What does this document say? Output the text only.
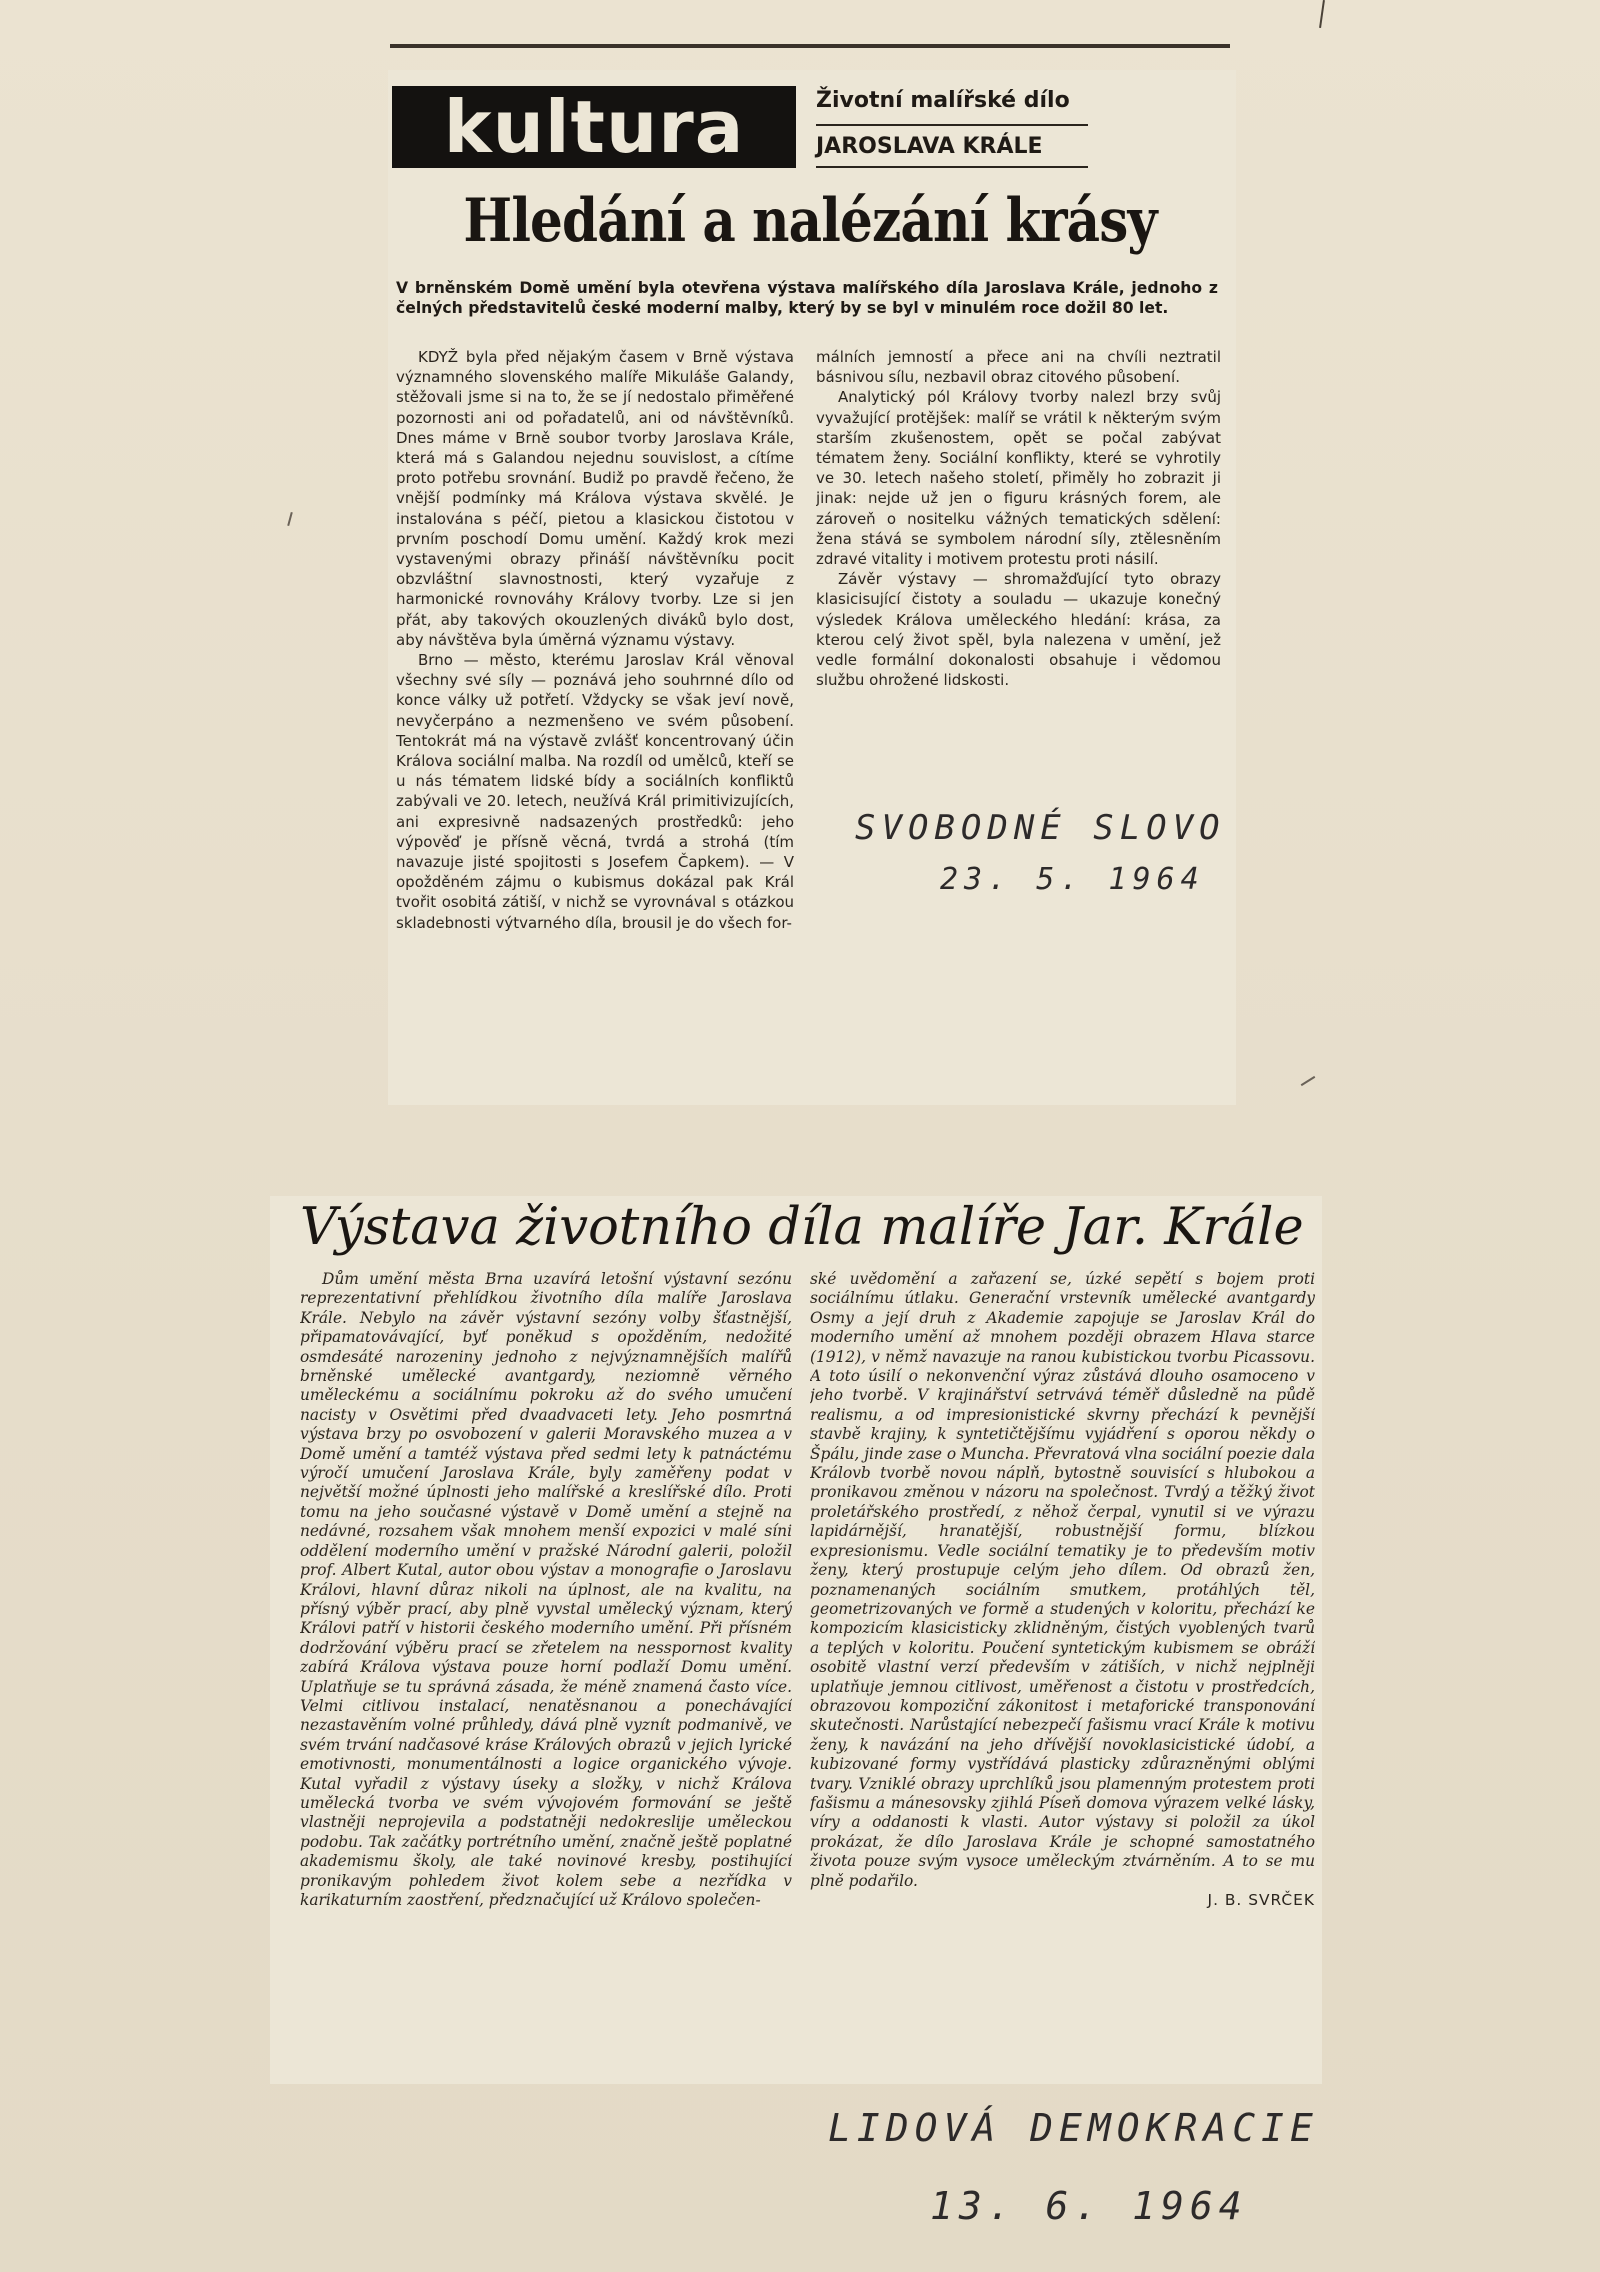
kultura	Životní malířské dílo
JAROSLAVA KRÁLE
Hledání a nalézání krásy
V brněnském Domě umění byla otevřena výstava malířského díla Jaroslava Krále, jednoho z čelných představitelů české moderní malby, který by se byl v minulém roce dožil 80 let.

KDYŽ byla před nějakým časem v Brně výstava významného slovenského malíře Mikuláše Galandy, stěžovali jsme si na to, že se jí nedostalo přiměřené pozornosti ani od pořadatelů, ani od návštěvníků. Dnes máme v Brně soubor tvorby Jaroslava Krále, která má s Galandou nejednu souvislost, a cítíme proto potřebu srovnání. Budiž po pravdě řečeno, že vnější podmínky má Králova výstava skvělé. Je instalována s péčí, pietou a klasickou čistotou v prvním poschodí Domu umění. Každý krok mezi vystavenými obrazy přináší návštěvníku pocit obzvláštní slavnostnosti, který vyzařuje z harmonické rovnováhy Královy tvorby. Lze si jen přát, aby takových okouzlených diváků bylo dost, aby návštěva byla úměrná významu výstavy.

Brno — město, kterému Jaroslav Král věnoval všechny své síly — poznává jeho souhrnné dílo od konce války už potřetí. Vždycky se však jeví nově, nevyčerpáno a nezmenšeno ve svém působení. Tentokrát má na výstavě zvlášť koncentrovaný účin Králova sociální malba. Na rozdíl od umělců, kteří se u nás tématem lidské bídy a sociálních konfliktů zabývali ve 20. letech, neužívá Král primitivizujících, ani expresivně nadsazených prostředků: jeho výpověď je přísně věcná, tvrdá a strohá (tím navazuje jisté spojitosti s Josefem Čapkem). — V opožděném zájmu o kubismus dokázal pak Král tvořit osobitá zátiší, v nichž se vyrovnával s otázkou skladebnosti výtvarného díla, brousil je do všech for-

málních jemností a přece ani na chvíli neztratil básnivou sílu, nezbavil obraz citového působení.

Analytický pól Královy tvorby nalezl brzy svůj vyvažující protějšek: malíř se vrátil k některým svým starším zkušenostem, opět se počal zabývat tématem ženy. Sociální konflikty, které se vyhrotily ve 30. letech našeho století, přiměly ho zobrazit ji jinak: nejde už jen o figuru krásných forem, ale zároveň o nositelku vážných tematických sdělení: žena stává se symbolem národní síly, ztělesněním zdravé vitality i motivem protestu proti násilí.

Závěr výstavy — shromažďující tyto obrazy klasicisující čistoty a souladu — ukazuje konečný výsledek Králova uměleckého hledání: krása, za kterou celý život spěl, byla nalezena v umění, jež vedle formální dokonalosti obsahuje i vědomou službu ohrožené lidskosti.

SVOBODNÉ SLOVO
23. 5. 1964
Výstava životního díla malíře Jar. Krále

Dům umění města Brna uzavírá letošní výstavní sezónu reprezentativní přehlídkou životního díla malíře Jaroslava Krále. Nebylo na závěr výstavní sezóny volby šťastnější, připamatovávající, byť poněkud s opožděním, nedožité osmdesáté narozeniny jednoho z nejvýznamnějších malířů brněnské umělecké avantgardy, neziomně věrného uměleckému a sociálnímu pokroku až do svého umučení nacisty v Osvětimi před dvaadvaceti lety. Jeho posmrtná výstava brzy po osvobození v galerii Moravského muzea a v Domě umění a tamtéž výstava před sedmi lety k patnáctému výročí umučení Jaroslava Krále, byly zaměřeny podat v největší možné úplnosti jeho malířské a kreslířské dílo. Proti tomu na jeho současné výstavě v Domě umění a stejně na nedávné, rozsahem však mnohem menší expozici v malé síni oddělení moderního umění v pražské Národní galerii, položil prof. Albert Kutal, autor obou výstav a monografie o Jaroslavu Královi, hlavní důraz nikoli na úplnost, ale na kvalitu, na přísný výběr prací, aby plně vyvstal umělecký význam, který Královi patří v historii českého moderního umění. Při přísném dodržování výběru prací se zřetelem na nesspornost kvality zabírá Králova výstava pouze horní podlaží Domu umění. Uplatňuje se tu správná zásada, že méně znamená často více. Velmi citlivou instalací, nenatěsnanou a ponechávající nezastavěním volné průhledy, dává plně vyznít podmanivě, ve svém trvání nadčasové kráse Králových obrazů v jejich lyrické emotivnosti, monumentálnosti a logice organického vývoje. Kutal vyřadil z výstavy úseky a složky, v nichž Králova umělecká tvorba ve svém vývojovém formování se ještě vlastněji neprojevila a podstatněji nedokreslije uměleckou podobu. Tak začátky portrétního umění, značně ještě poplatné akademismu školy, ale také novinové kresby, postihující pronikavým pohledem život kolem sebe a nezřídka v karikaturním zaostření, předznačující už Královo společen-

ské uvědomění a zařazení se, úzké sepětí s bojem proti sociálnímu útlaku. Generační vrstevník umělecké avantgardy Osmy a její druh z Akademie zapojuje se Jaroslav Král do moderního umění až mnohem později obrazem Hlava starce (1912), v němž navazuje na ranou kubistickou tvorbu Picassovu. A toto úsilí o nekonvenční výraz zůstává dlouho osamoceno v jeho tvorbě. V krajinářství setrvává téměř důsledně na půdě realismu, a od impresionistické skvrny přechází k pevnější stavbě krajiny, k syntetičtějšímu vyjádření s oporou někdy o Špálu, jinde zase o Muncha. Převratová vlna sociální poezie dala Královb tvorbě novou náplň, bytostně souvisící s hlubokou a pronikavou změnou v názoru na společnost. Tvrdý a těžký život proletářského prostředí, z něhož čerpal, vynutil si ve výrazu lapidárnější, hranatější, robustnější formu, blízkou expresionismu. Vedle sociální tematiky je to především motiv ženy, který prostupuje celým jeho dílem. Od obrazů žen, poznamenaných sociálním smutkem, protáhlých těl, geometrizovaných ve formě a studených v koloritu, přechází ke kompozicím klasicisticky zklidněným, čistých vyoblených tvarů a teplých v koloritu. Poučení syntetickým kubismem se obráží osobitě vlastní verzí především v zátiších, v nichž nejplněji uplatňuje jemnou citlivost, uměřenost a čistotu v prostředcích, obrazovou kompoziční zákonitost i metaforické transponování skutečnosti. Narůstající nebezpečí fašismu vrací Krále k motivu ženy, k navázání na jeho dřívější novoklasicistické údobí, a kubizované formy vystřídává plasticky zdůrazněnými oblými tvary. Vzniklé obrazy uprchlíků jsou plamenným protestem proti fašismu a mánesovsky zjihlá Píseň domova výrazem velké lásky, víry a oddanosti k vlasti. Autor výstavy si položil za úkol prokázat, že dílo Jaroslava Krále je schopné samostatného života pouze svým vysoce uměleckým ztvárněním. A to se mu plně podařilo.

J. B. SVRČEK
LIDOVÁ DEMOKRACIE
13. 6. 1964
